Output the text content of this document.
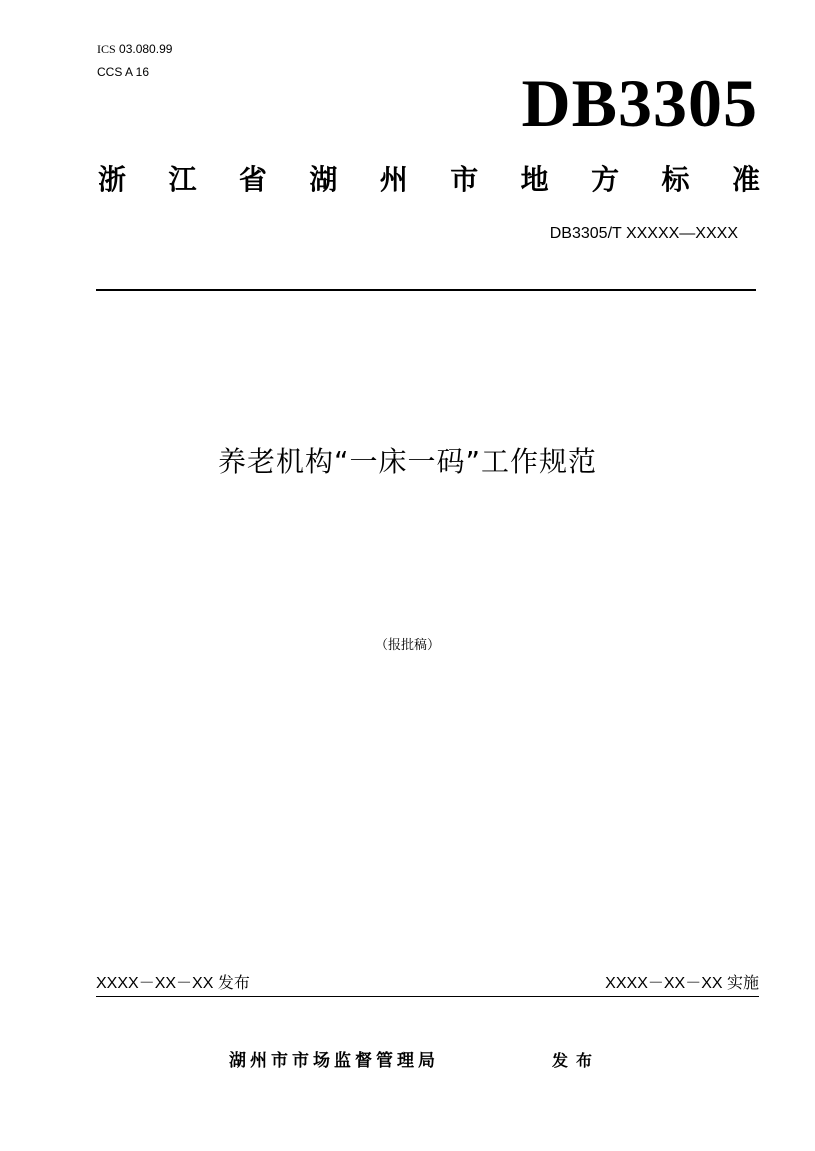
ICS 03.080.99

CCS A 16	DB3305
浙 江 省 湖 州 市 地 方 标 准
DB3305/T XXXXX—XXXX
养老机构“一床一码”工作规范
（报批稿）
XXXX－XX－XX 发布	XXXX－XX－XX 实施
湖州市市场监督管理局	发布
